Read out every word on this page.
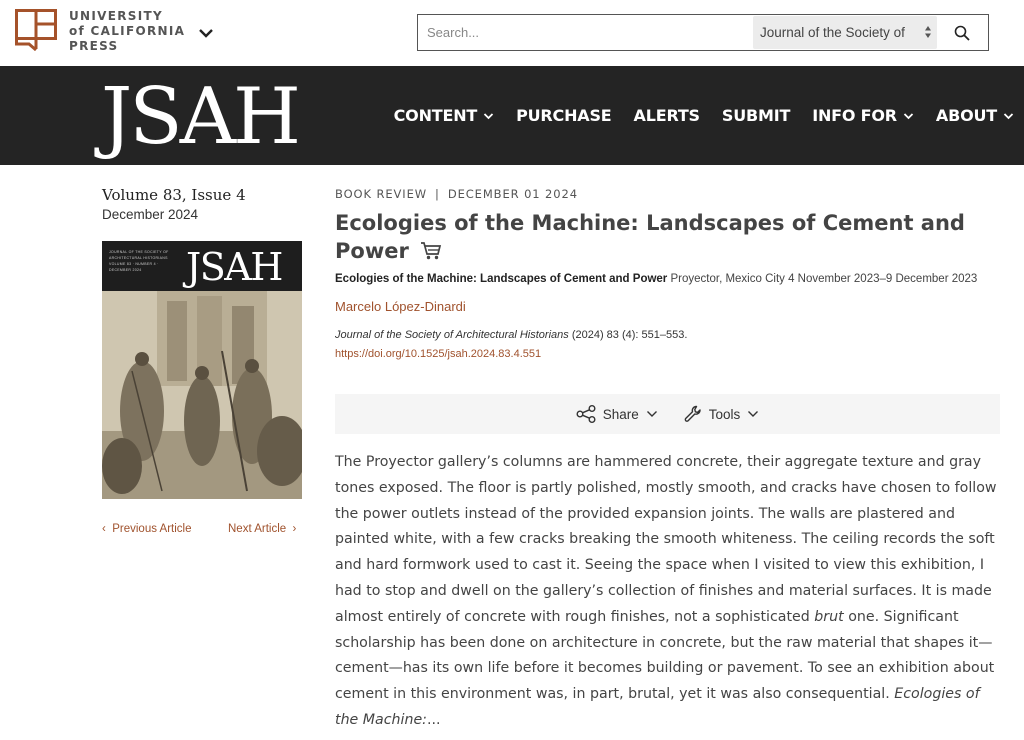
UNIVERSITY
of CALIFORNIA
PRESS
Search...
Journal of the Society of
JSAH	CONTENT PURCHASE ALERTS SUBMIT INFO FOR ABOUT
Volume 83, Issue 4
December 2024
JOURNAL OF THE SOCIETY OF ARCHITECTURAL HISTORIANS
VOLUME 83 · NUMBER 4 · DECEMBER 2024	JSAH
‹  Previous Article	Next Article  ›
BOOK REVIEW | DECEMBER 01 2024
Ecologies of the Machine: Landscapes of Cement and Power
Ecologies of the Machine: Landscapes of Cement and Power Proyector, Mexico City 4 November 2023–9 December 2023
Marcelo López-Dinardi
Journal of the Society of Architectural Historians (2024) 83 (4): 551–553.
https://doi.org/10.1525/jsah.2024.83.4.551
Share	Tools
The Proyector gallery’s columns are hammered concrete, their aggregate texture and gray tones exposed. The floor is partly polished, mostly smooth, and cracks have chosen to follow the power outlets instead of the provided expansion joints. The walls are plastered and painted white, with a few cracks breaking the smooth whiteness. The ceiling records the soft and hard formwork used to cast it. Seeing the space when I visited to view this exhibition, I had to stop and dwell on the gallery’s collection of finishes and material surfaces. It is made almost entirely of concrete with rough finishes, not a sophisticated brut one. Significant scholarship has been done on architecture in concrete, but the raw material that shapes it—cement—has its own life before it becomes building or pavement. To see an exhibition about cement in this environment was, in part, brutal, yet it was also consequential. Ecologies of the Machine:...
